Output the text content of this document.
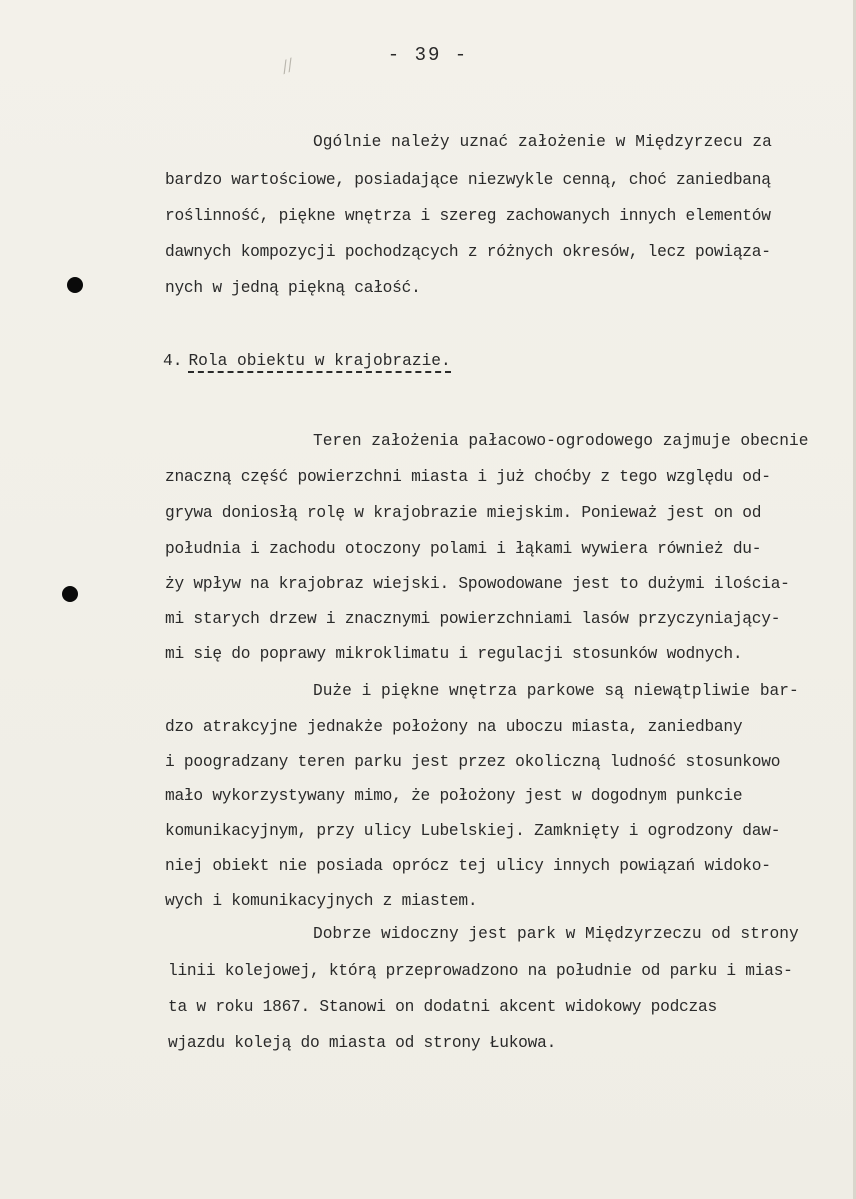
- 39 -
//
Ogólnie należy uznać założenie w Międzyrzecu za
bardzo wartościowe, posiadające niezwykle cenną, choć zaniedbaną
roślinność, piękne wnętrza i szereg zachowanych innych elementów
dawnych kompozycji pochodzących z różnych okresów, lecz powiąza-
nych w jedną piękną całość.
4. Rola obiektu w krajobrazie.
Teren założenia pałacowo-ogrodowego zajmuje obecnie
znaczną część powierzchni miasta i już choćby z tego względu od-
grywa doniosłą rolę w krajobrazie miejskim. Ponieważ jest on od
południa i zachodu otoczony polami i łąkami wywiera również du-
ży wpływ na krajobraz wiejski. Spowodowane jest to dużymi ilościa-
mi starych drzew i znacznymi powierzchniami lasów przyczyniający-
mi się do poprawy mikroklimatu i regulacji stosunków wodnych.
Duże i piękne wnętrza parkowe są niewątpliwie bar-
dzo atrakcyjne jednakże położony na uboczu miasta, zaniedbany
i poogradzany teren parku jest przez okoliczną ludność stosunkowo
mało wykorzystywany mimo, że położony jest w dogodnym punkcie
komunikacyjnym, przy ulicy Lubelskiej. Zamknięty i ogrodzony daw-
niej obiekt nie posiada oprócz tej ulicy innych powiązań widoko-
wych i komunikacyjnych z miastem.
Dobrze widoczny jest park w Międzyrzeczu od strony
linii kolejowej, którą przeprowadzono na południe od parku i mias-
ta w roku 1867. Stanowi on dodatni akcent widokowy podczas
wjazdu koleją do miasta od strony Łukowa.
